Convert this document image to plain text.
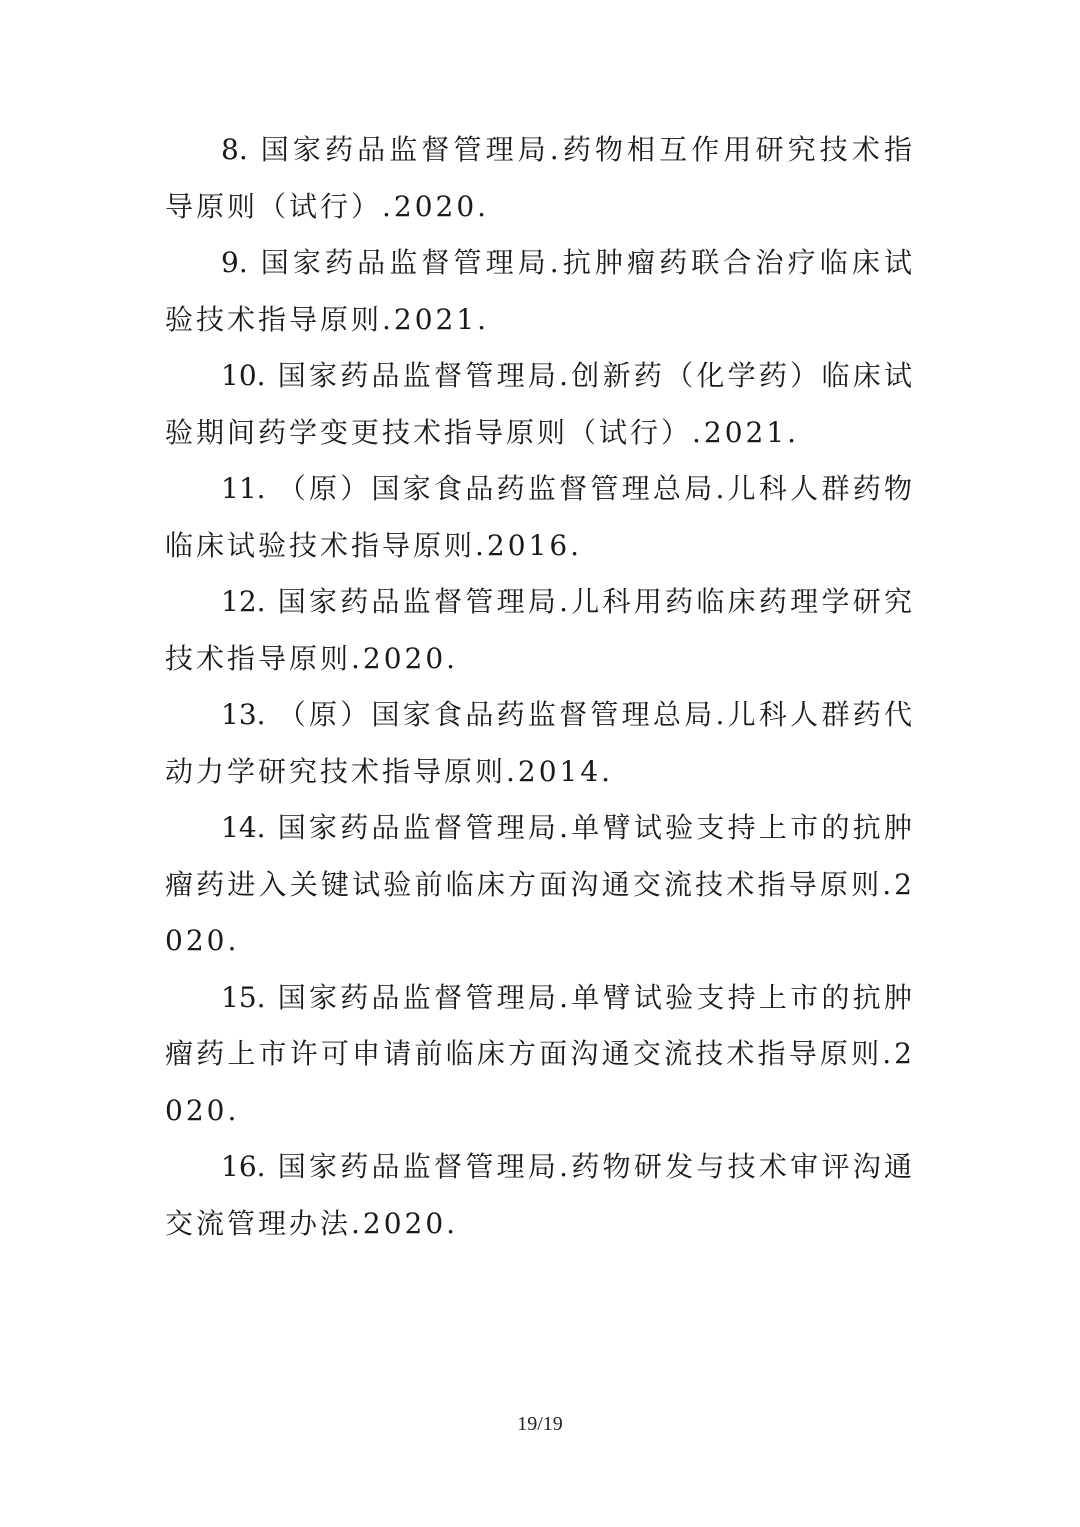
8. 国家药品监督管理局.药物相互作用研究技术指导原则（试行）.2020.
9. 国家药品监督管理局.抗肿瘤药联合治疗临床试验技术指导原则.2021.
10. 国家药品监督管理局.创新药（化学药）临床试验期间药学变更技术指导原则（试行）.2021.
11. （原）国家食品药监督管理总局.儿科人群药物临床试验技术指导原则.2016.
12. 国家药品监督管理局.儿科用药临床药理学研究技术指导原则.2020.
13. （原）国家食品药监督管理总局.儿科人群药代动力学研究技术指导原则.2014.
14. 国家药品监督管理局.单臂试验支持上市的抗肿瘤药进入关键试验前临床方面沟通交流技术指导原则.2020.
15. 国家药品监督管理局.单臂试验支持上市的抗肿瘤药上市许可申请前临床方面沟通交流技术指导原则.2020.
16. 国家药品监督管理局.药物研发与技术审评沟通交流管理办法.2020.
19/19
